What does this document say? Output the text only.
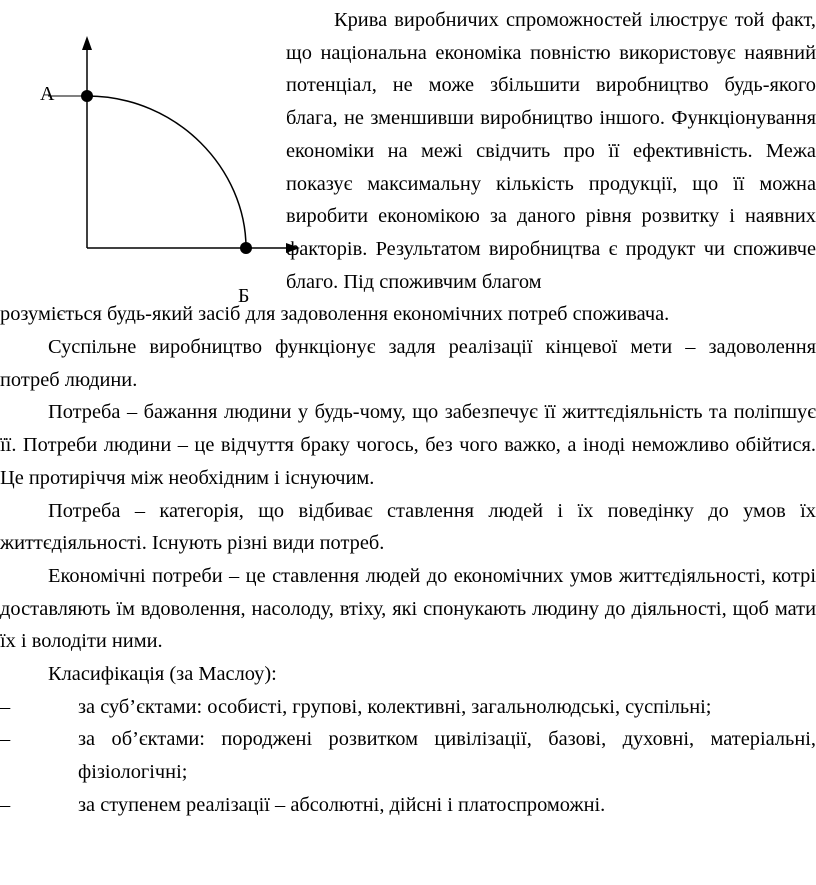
А
Б

Крива виробничих спроможностей ілюструє той факт, що національна економіка повністю використовує наявний потенціал, не може збільшити виробництво будь-якого блага, не зменшивши виробництво іншого. Функціонування економіки на межі свідчить про її ефективність. Межа показує максимальну кількість продукції, що її можна виробити економікою за даного рівня розвитку і наявних факторів. Результатом виробництва є продукт чи споживче благо. Під споживчим благом

розуміється будь-який засіб для задоволення економічних потреб споживача.

Суспільне виробництво функціонує задля реалізації кінцевої мети – задоволення потреб людини.

Потреба – бажання людини у будь-чому, що забезпечує її життєдіяльність та поліпшує її. Потреби людини – це відчуття браку чогось, без чого важко, а іноді неможливо обійтися. Це протиріччя між необхідним і існуючим.

Потреба – категорія, що відбиває ставлення людей і їх поведінку до умов їх життєдіяльності. Існують різні види потреб.

Економічні потреби – це ставлення людей до економічних умов життєдіяльності, котрі доставляють їм вдоволення, насолоду, втіху, які спонукають людину до діяльності, щоб мати їх і володіти ними.

Класифікація (за Маслоу):

–	за суб’єктами: особисті, групові, колективні, загальнолюдські, суспільні;
–	за об’єктами: породжені розвитком цивілізації, базові, духовні, матеріальні, фізіологічні;
–	за ступенем реалізації – абсолютні, дійсні і платоспроможні.
